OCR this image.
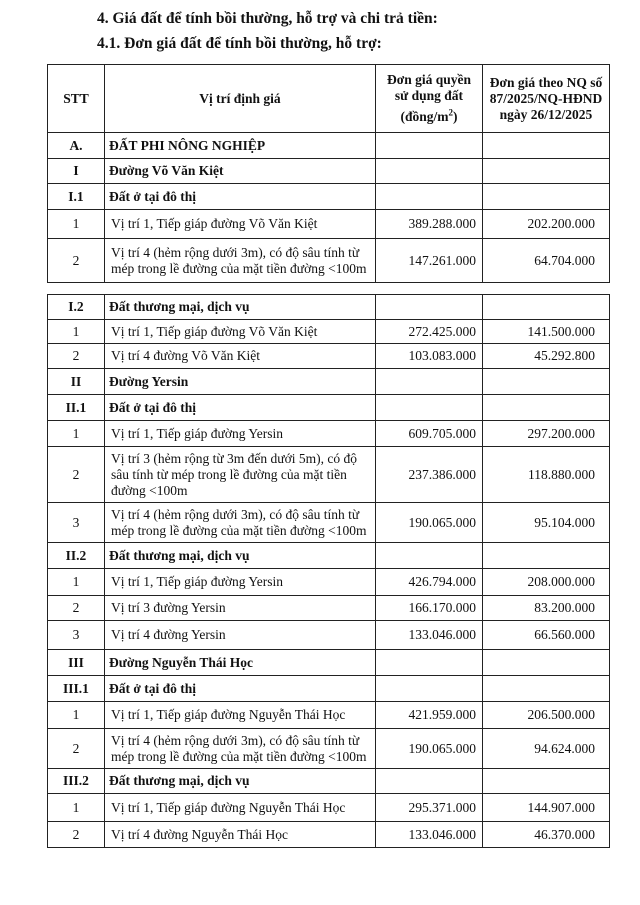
4. Giá đất để tính bồi thường, hỗ trợ và chi trả tiền:
4.1. Đơn giá đất để tính bồi thường, hỗ trợ:
STT	Vị trí định giá	Đơn giá quyền
sử dụng đất
$(đồng/m^2)$	Đơn giá theo NQ số 87/2025/NQ-HĐND ngày 26/12/2025
A.	ĐẤT PHI NÔNG NGHIỆP		
I	Đường Võ Văn Kiệt		
I.1	Đất ở tại đô thị		
1	Vị trí 1, Tiếp giáp đường Võ Văn Kiệt	389.288.000	202.200.000
2	Vị trí 4 (hẻm rộng dưới 3m), có độ sâu tính từ mép trong lề đường của mặt tiền đường <100m	147.261.000	64.704.000
I.2	Đất thương mại, dịch vụ		
1	Vị trí 1, Tiếp giáp đường Võ Văn Kiệt	272.425.000	141.500.000
2	Vị trí 4 đường Võ Văn Kiệt	103.083.000	45.292.800
II	Đường Yersin		
II.1	Đất ở tại đô thị		
1	Vị trí 1, Tiếp giáp đường Yersin	609.705.000	297.200.000
2	Vị trí 3 (hẻm rộng từ 3m đến dưới 5m), có độ sâu tính từ mép trong lề đường của mặt tiền đường <100m	237.386.000	118.880.000
3	Vị trí 4 (hẻm rộng dưới 3m), có độ sâu tính từ mép trong lề đường của mặt tiền đường <100m	190.065.000	95.104.000
II.2	Đất thương mại, dịch vụ		
1	Vị trí 1, Tiếp giáp đường Yersin	426.794.000	208.000.000
2	Vị trí 3 đường Yersin	166.170.000	83.200.000
3	Vị trí 4 đường Yersin	133.046.000	66.560.000
III	Đường Nguyễn Thái Học		
III.1	Đất ở tại đô thị		
1	Vị trí 1, Tiếp giáp đường Nguyễn Thái Học	421.959.000	206.500.000
2	Vị trí 4 (hẻm rộng dưới 3m), có độ sâu tính từ mép trong lề đường của mặt tiền đường <100m	190.065.000	94.624.000
III.2	Đất thương mại, dịch vụ		
1	Vị trí 1, Tiếp giáp đường Nguyễn Thái Học	295.371.000	144.907.000
2	Vị trí 4 đường Nguyễn Thái Học	133.046.000	46.370.000
